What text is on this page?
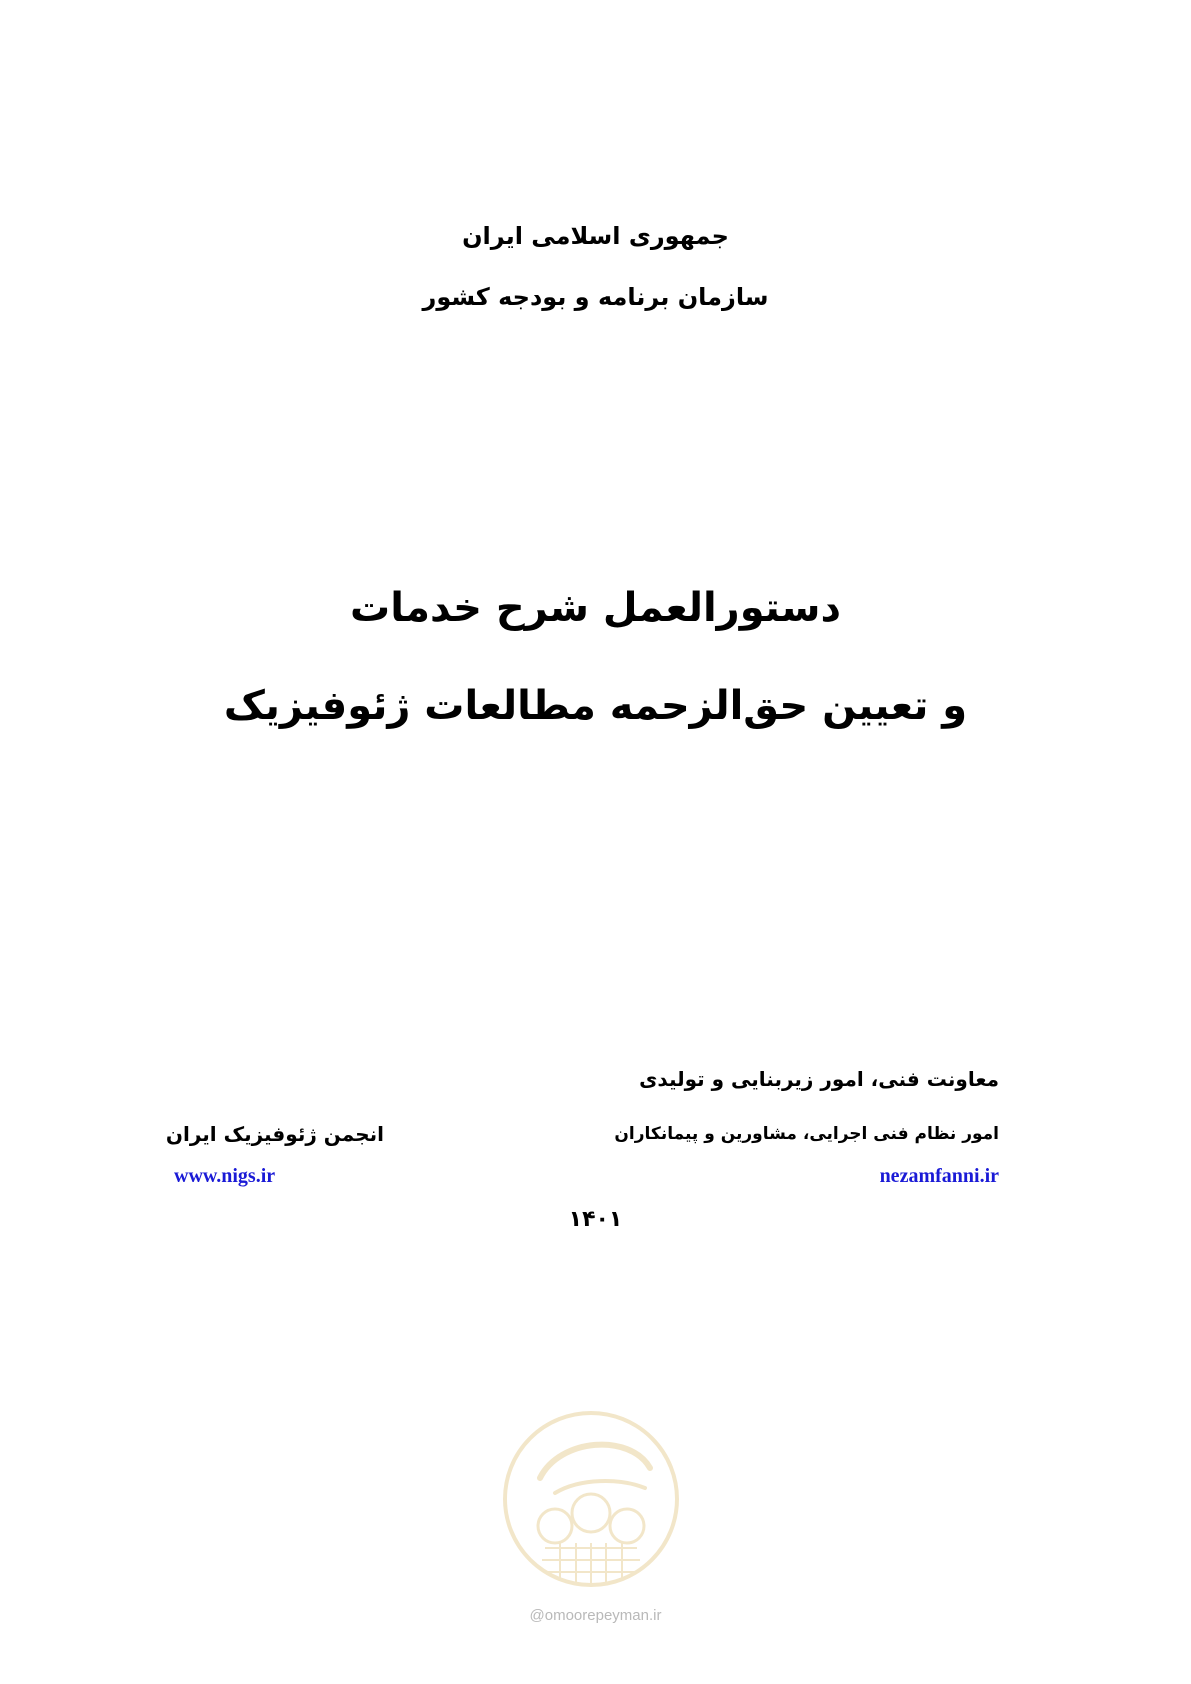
جمهوری اسلامی ایران
سازمان برنامه و بودجه کشور
دستورالعمل شرح خدمات
و تعیین حق‌الزحمه مطالعات ژئوفیزیک
معاونت فنی، امور زیربنایی و تولیدی
امور نظام فنی اجرایی، مشاورین و پیمانکاران
انجمن ژئوفیزیک ایران
www.nigs.ir	nezamfanni.ir
۱۴۰۱
@omoorepeyman.ir
